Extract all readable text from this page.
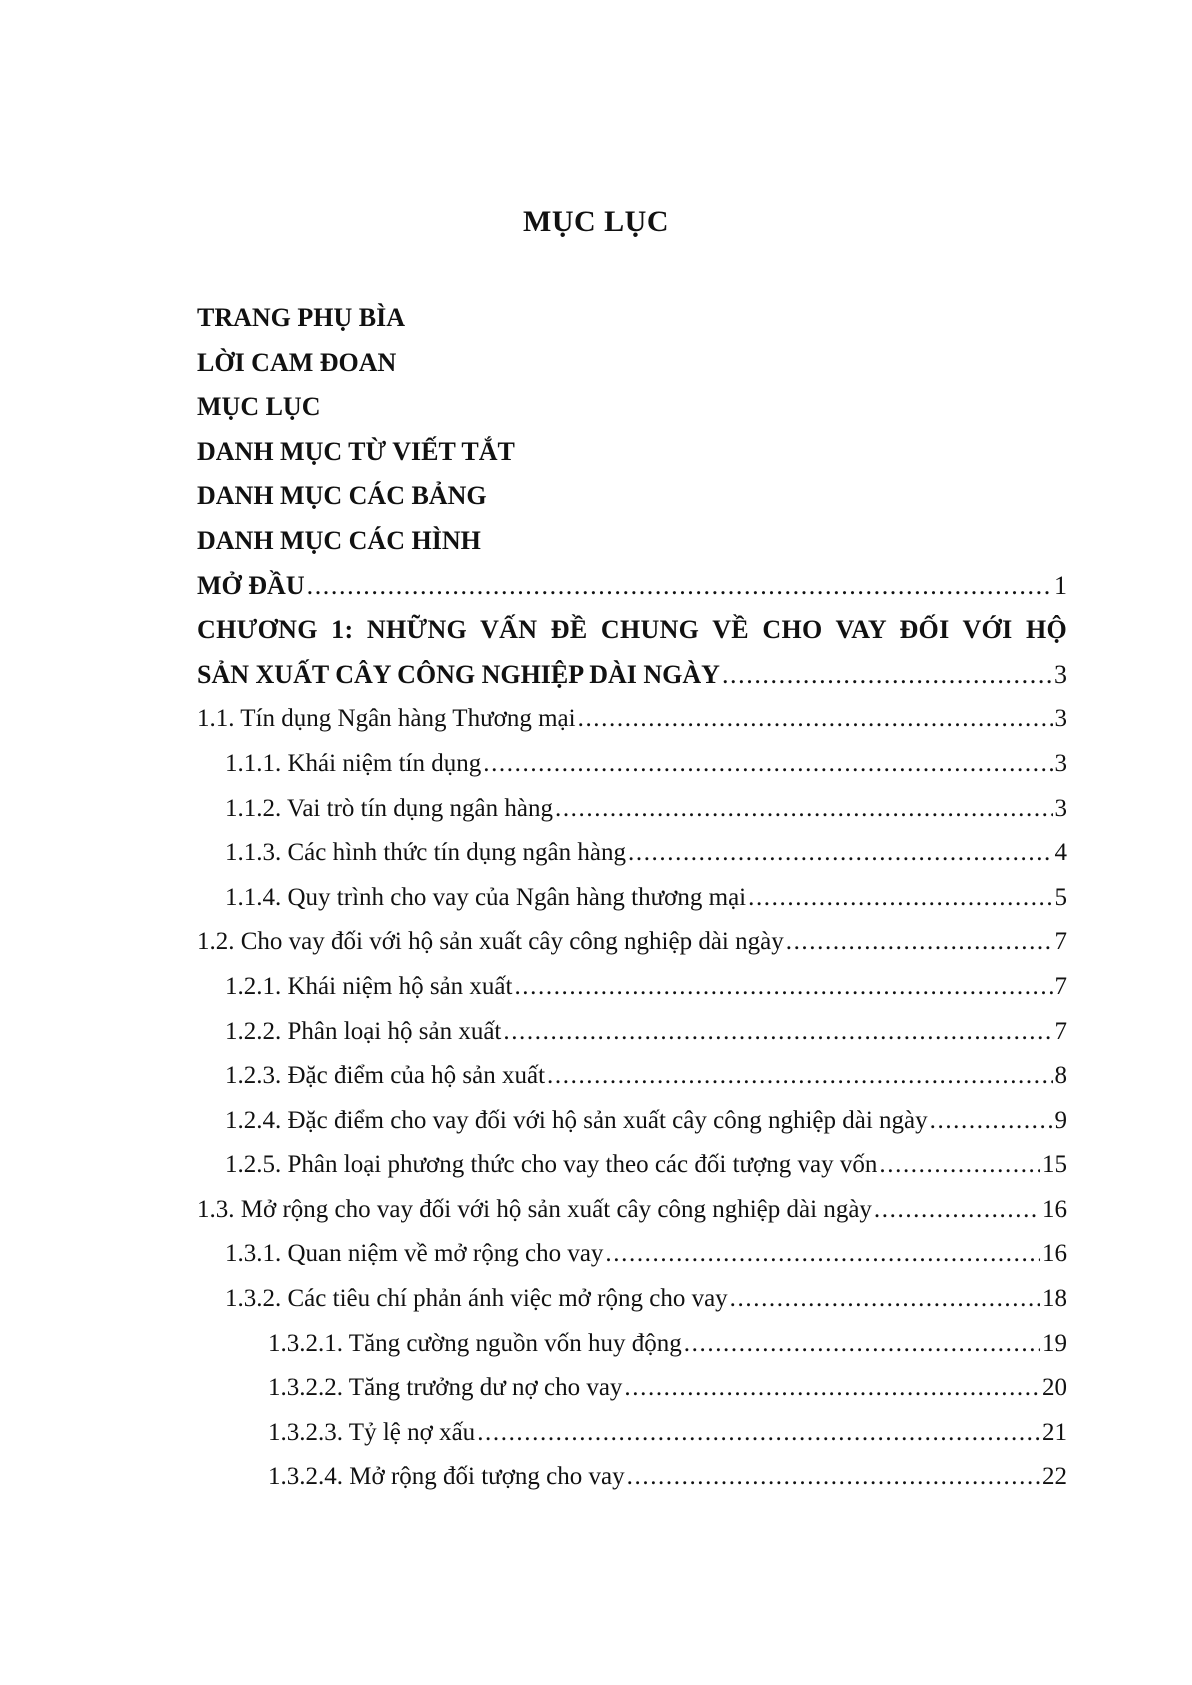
MỤC LỤC
TRANG PHỤ BÌA
LỜI CAM ĐOAN
MỤC LỤC
DANH MỤC TỪ VIẾT TẮT
DANH MỤC CÁC BẢNG
DANH MỤC CÁC HÌNH
MỞ ĐẦU .....	1
CHƯƠNG 1: NHỮNG VẤN ĐỀ CHUNG VỀ CHO VAY ĐỐI VỚI HỘ
SẢN XUẤT CÂY CÔNG NGHIỆP DÀI NGÀY .....	3
1.1. Tín dụng Ngân hàng Thương mại .....	3
1.1.1. Khái niệm tín dụng .....	3
1.1.2. Vai trò tín dụng ngân hàng .....	3
1.1.3. Các hình thức tín dụng ngân hàng .....	4
1.1.4. Quy trình cho vay của Ngân hàng thương mại .....	5
1.2. Cho vay đối với hộ sản xuất cây công nghiệp dài ngày .....	7
1.2.1. Khái niệm hộ sản xuất .....	7
1.2.2. Phân loại hộ sản xuất .....	7
1.2.3. Đặc điểm của hộ sản xuất .....	8
1.2.4. Đặc điểm cho vay đối với hộ sản xuất cây công nghiệp dài ngày .....	9
1.2.5. Phân loại phương thức cho vay theo các đối tượng vay vốn .....	15
1.3. Mở rộng cho vay đối với hộ sản xuất cây công nghiệp dài ngày .....	16
1.3.1. Quan niệm về mở rộng cho vay .....	16
1.3.2. Các tiêu chí phản ánh việc mở rộng cho vay .....	18
1.3.2.1. Tăng cường nguồn vốn huy động .....	19
1.3.2.2. Tăng trưởng dư nợ cho vay .....	20
1.3.2.3. Tỷ lệ nợ xấu .....	21
1.3.2.4. Mở rộng đối tượng cho vay .....	22
